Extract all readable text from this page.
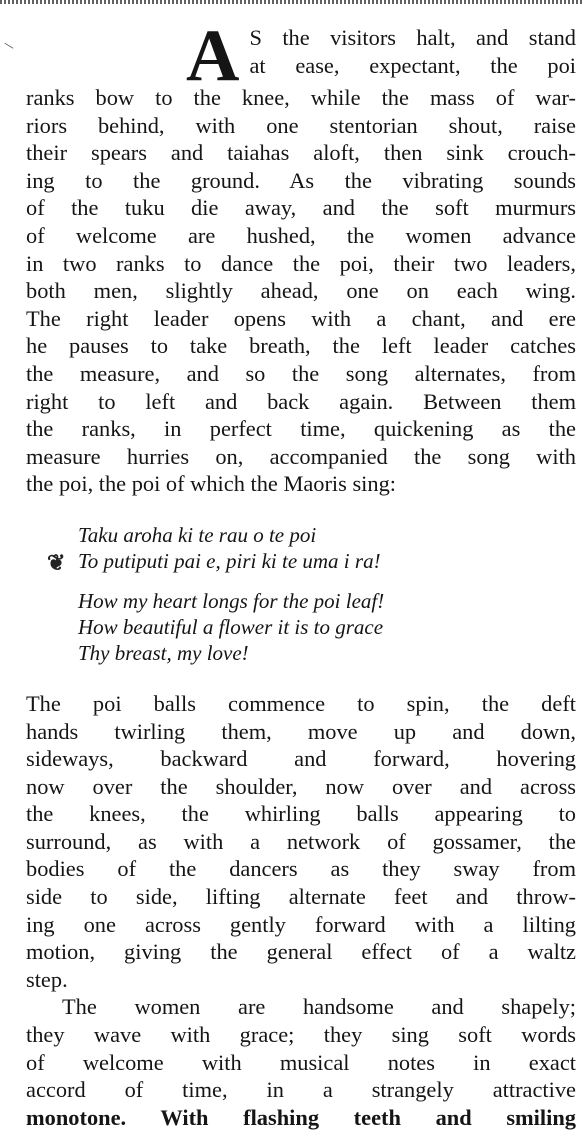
A S the visitors halt, and stand
at ease, expectant, the poi
ranks bow to the knee, while the mass of war-
riors behind, with one stentorian shout, raise
their spears and taiahas aloft, then sink crouch-
ing to the ground. As the vibrating sounds
of the tuku die away, and the soft murmurs
of welcome are hushed, the women advance
in two ranks to dance the poi, their two leaders,
both men, slightly ahead, one on each wing.
The right leader opens with a chant, and ere
he pauses to take breath, the left leader catches
the measure, and so the song alternates, from
right to left and back again. Between them
the ranks, in perfect time, quickening as the
measure hurries on, accompanied the song with
the poi, the poi of which the Maoris sing:
Taku aroha ki te rau o te poi
To putiputi pai e, piri ki te uma i ra!
How my heart longs for the poi leaf!
How beautiful a flower it is to grace
Thy breast, my love!
The poi balls commence to spin, the deft
hands twirling them, move up and down,
sideways, backward and forward, hovering
now over the shoulder, now over and across
the knees, the whirling balls appearing to
surround, as with a network of gossamer, the
bodies of the dancers as they sway from
side to side, lifting alternate feet and throw-
ing one across gently forward with a lilting
motion, giving the general effect of a waltz
step.
The women are handsome and shapely;
they wave with grace; they sing soft words
of welcome with musical notes in exact
accord of time, in a strangely attractive
monotone. With flashing teeth and smiling
\
❦
